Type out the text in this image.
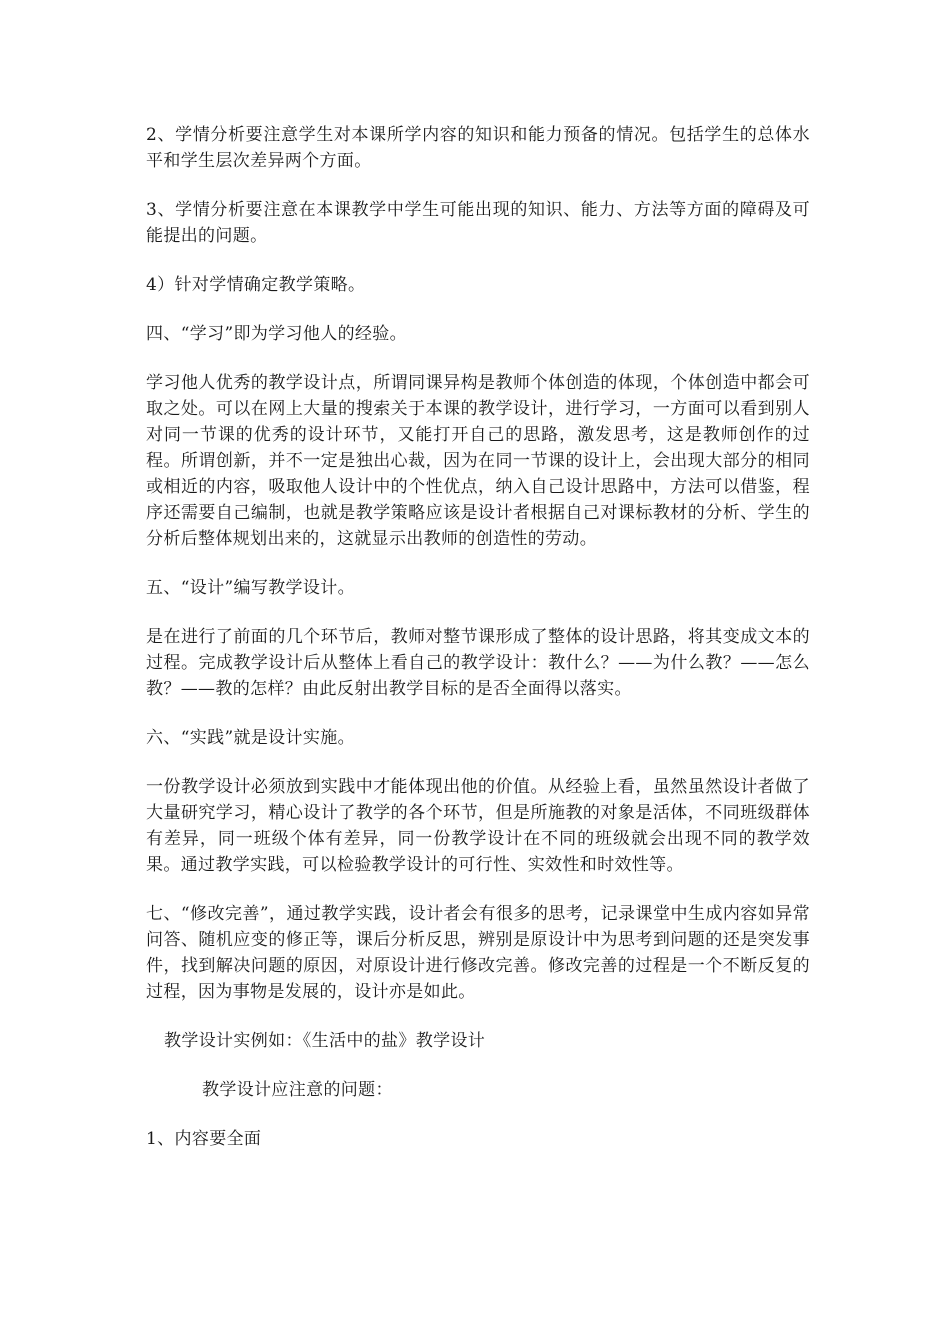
2、学情分析要注意学生对本课所学内容的知识和能力预备的情况。包括学生的总体水平和学生层次差异两个方面。

3、学情分析要注意在本课教学中学生可能出现的知识、能力、方法等方面的障碍及可能提出的问题。

4）针对学情确定教学策略。

四、“学习”即为学习他人的经验。

学习他人优秀的教学设计点，所谓同课异构是教师个体创造的体现，个体创造中都会可取之处。可以在网上大量的搜索关于本课的教学设计，进行学习，一方面可以看到别人对同一节课的优秀的设计环节，又能打开自己的思路，激发思考，这是教师创作的过程。所谓创新，并不一定是独出心裁，因为在同一节课的设计上，会出现大部分的相同或相近的内容，吸取他人设计中的个性优点，纳入自己设计思路中，方法可以借鉴，程序还需要自己编制，也就是教学策略应该是设计者根据自己对课标教材的分析、学生的分析后整体规划出来的，这就显示出教师的创造性的劳动。

五、“设计”编写教学设计。

是在进行了前面的几个环节后，教师对整节课形成了整体的设计思路，将其变成文本的过程。完成教学设计后从整体上看自己的教学设计：教什么？——为什么教？——怎么教？——教的怎样？由此反射出教学目标的是否全面得以落实。

六、“实践”就是设计实施。

一份教学设计必须放到实践中才能体现出他的价值。从经验上看，虽然虽然设计者做了大量研究学习，精心设计了教学的各个环节，但是所施教的对象是活体，不同班级群体有差异，同一班级个体有差异，同一份教学设计在不同的班级就会出现不同的教学效果。通过教学实践，可以检验教学设计的可行性、实效性和时效性等。

七、“修改完善”，通过教学实践，设计者会有很多的思考，记录课堂中生成内容如异常问答、随机应变的修正等，课后分析反思，辨别是原设计中为思考到问题的还是突发事件，找到解决问题的原因，对原设计进行修改完善。修改完善的过程是一个不断反复的过程，因为事物是发展的，设计亦是如此。

教学设计实例如：《生活中的盐》教学设计

教学设计应注意的问题：

1、内容要全面
